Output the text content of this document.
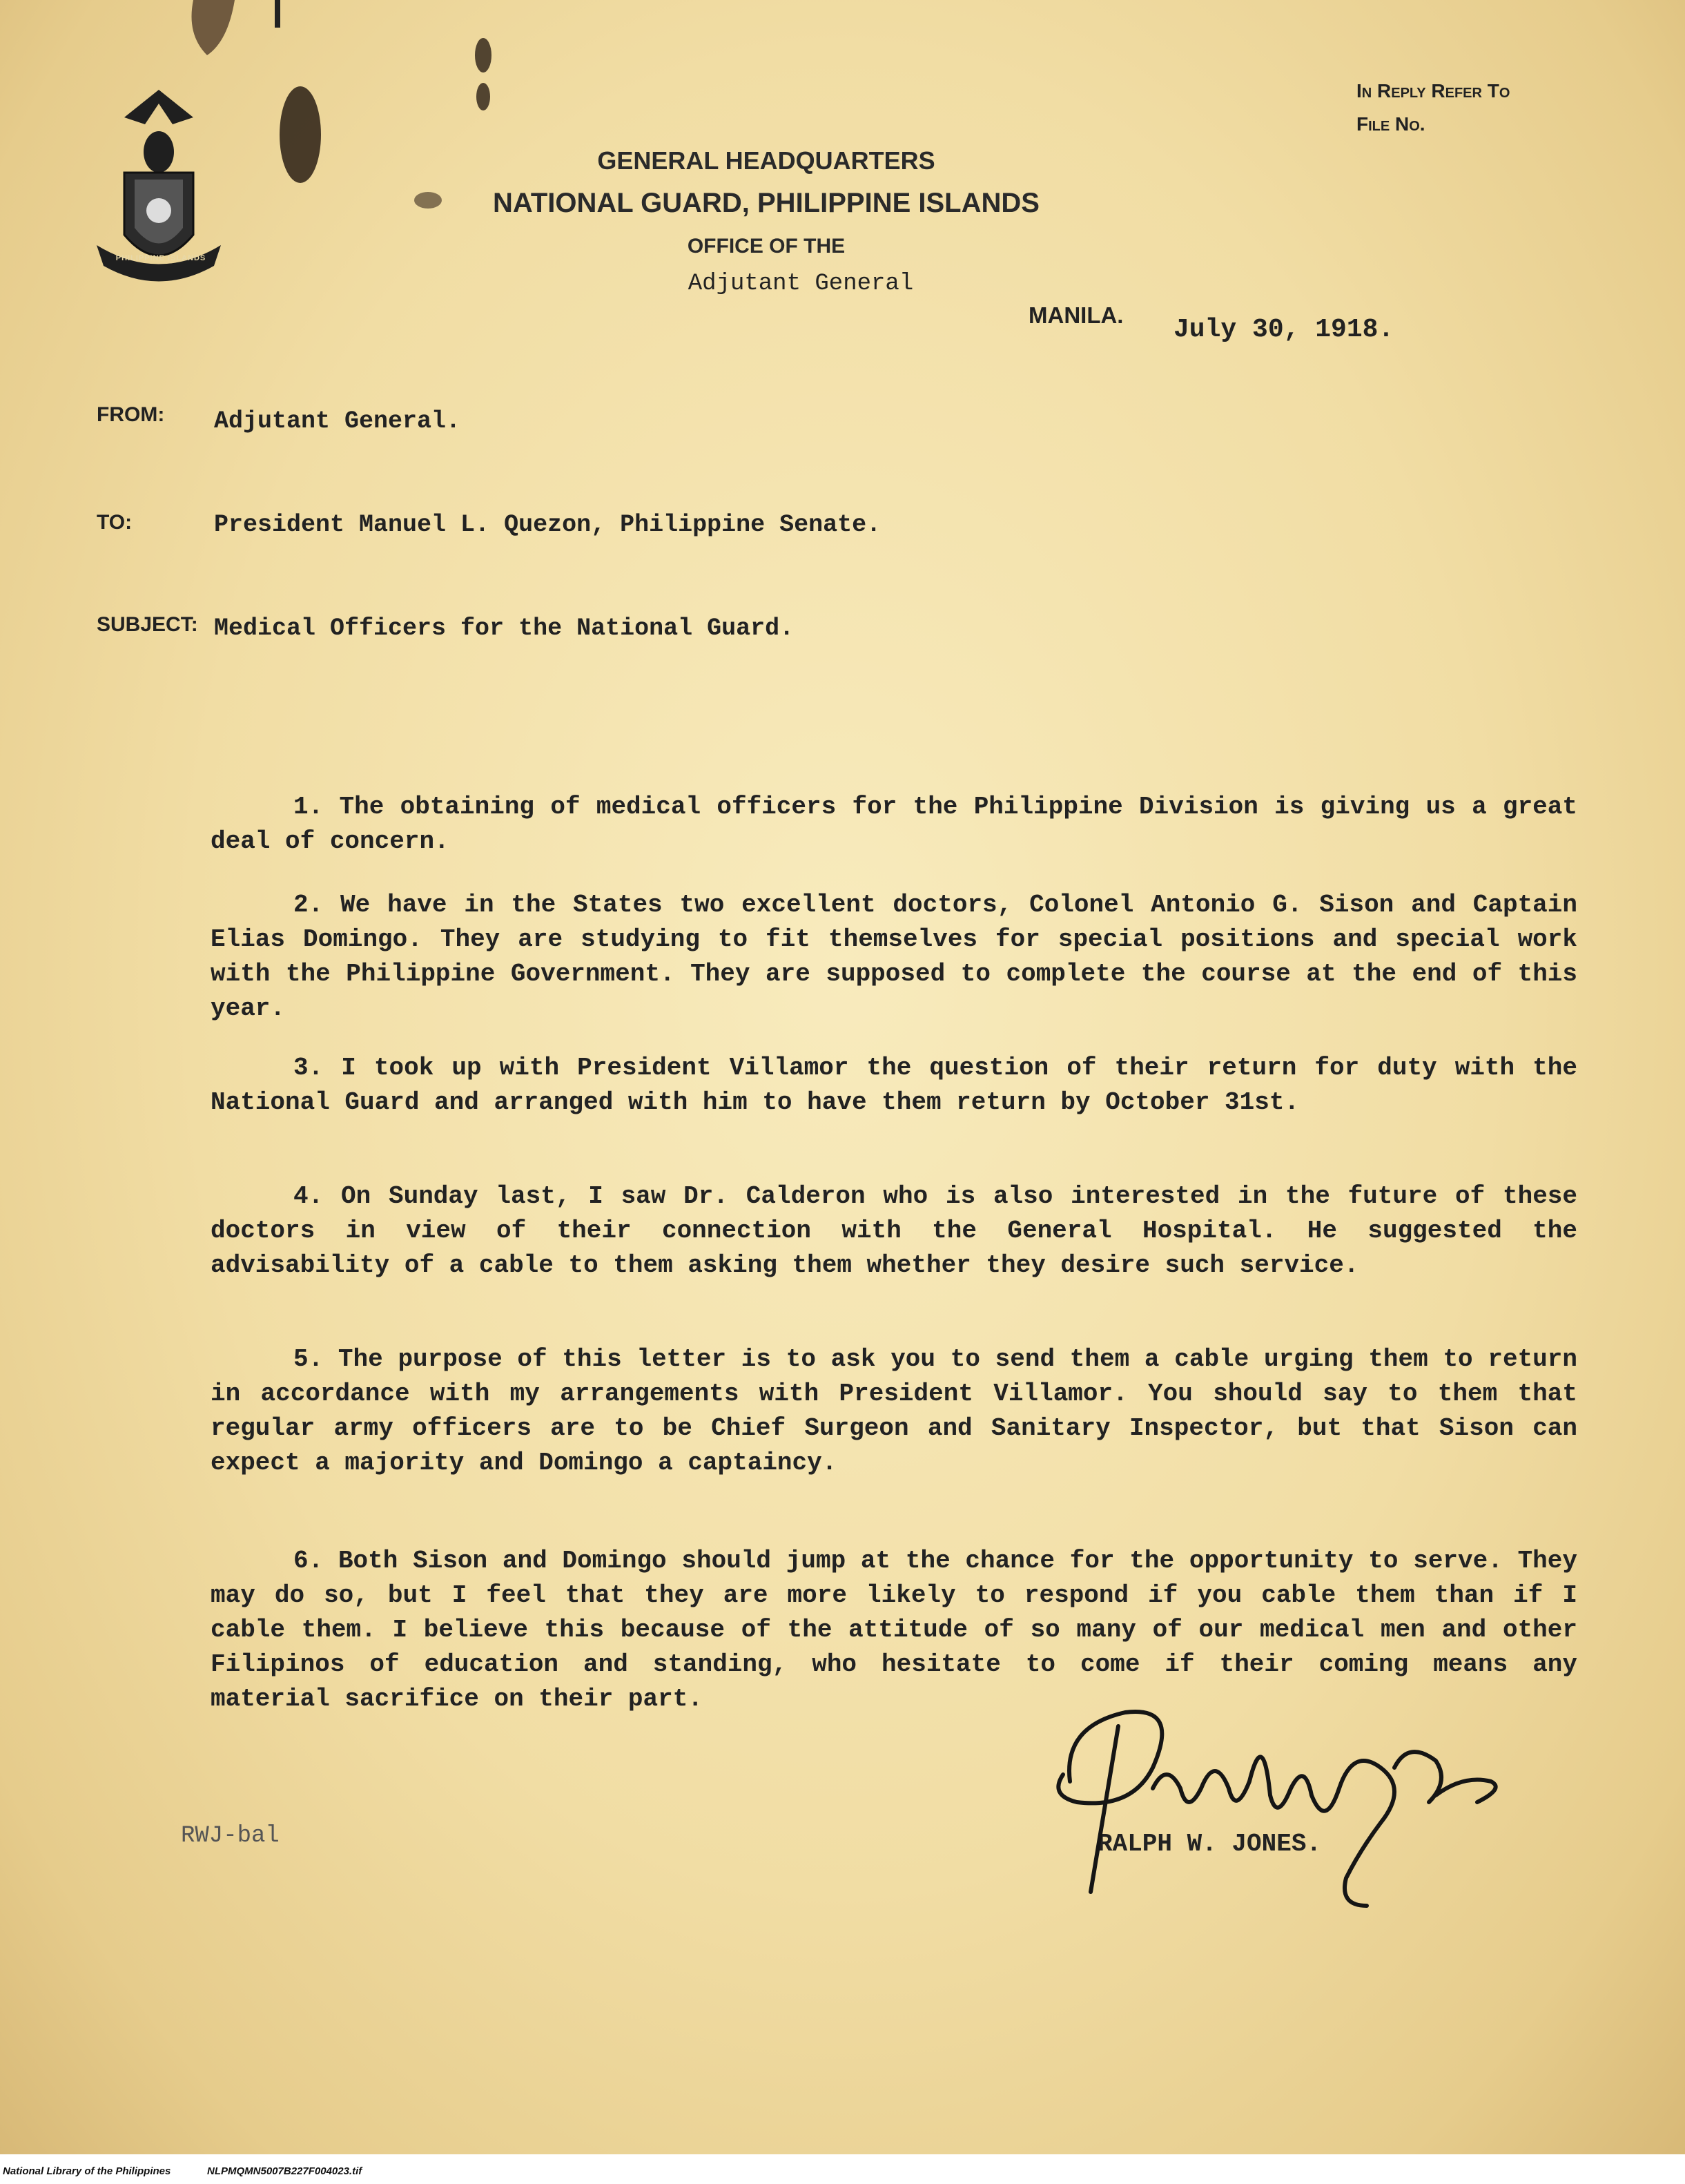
PHILIPPINE ISLANDS
GENERAL HEADQUARTERS
NATIONAL GUARD, PHILIPPINE ISLANDS
OFFICE OF THE
Adjutant General
In Reply Refer To
File No.
MANILA. July 30, 1918.
FROM: Adjutant General.
TO:	President Manuel L. Quezon, Philippine Senate.
SUBJECT: Medical Officers for the National Guard.
1. The obtaining of medical officers for the Philippine Division is giving us a great deal of concern.
2. We have in the States two excellent doctors, Colonel Antonio G. Sison and Captain Elias Domingo. They are studying to fit themselves for special positions and special work with the Philippine Government. They are supposed to complete the course at the end of this year.
3. I took up with President Villamor the question of their return for duty with the National Guard and arranged with him to have them return by October 31st.
4. On Sunday last, I saw Dr. Calderon who is also interested in the future of these doctors in view of their connection with the General Hospital. He suggested the advisability of a cable to them asking them whether they desire such service.
5. The purpose of this letter is to ask you to send them a cable urging them to return in accordance with my arrangements with President Villamor. You should say to them that regular army officers are to be Chief Surgeon and Sanitary Inspector, but that Sison can expect a majority and Domingo a captaincy.
6. Both Sison and Domingo should jump at the chance for the opportunity to serve. They may do so, but I feel that they are more likely to respond if you cable them than if I cable them. I believe this because of the attitude of so many of our medical men and other Filipinos of education and standing, who hesitate to come if their coming means any material sacrifice on their part.
RWJ-bal	RALPH W. JONES.
National Library of the Philippines	NLPMQMN5007B227F004023.tif
